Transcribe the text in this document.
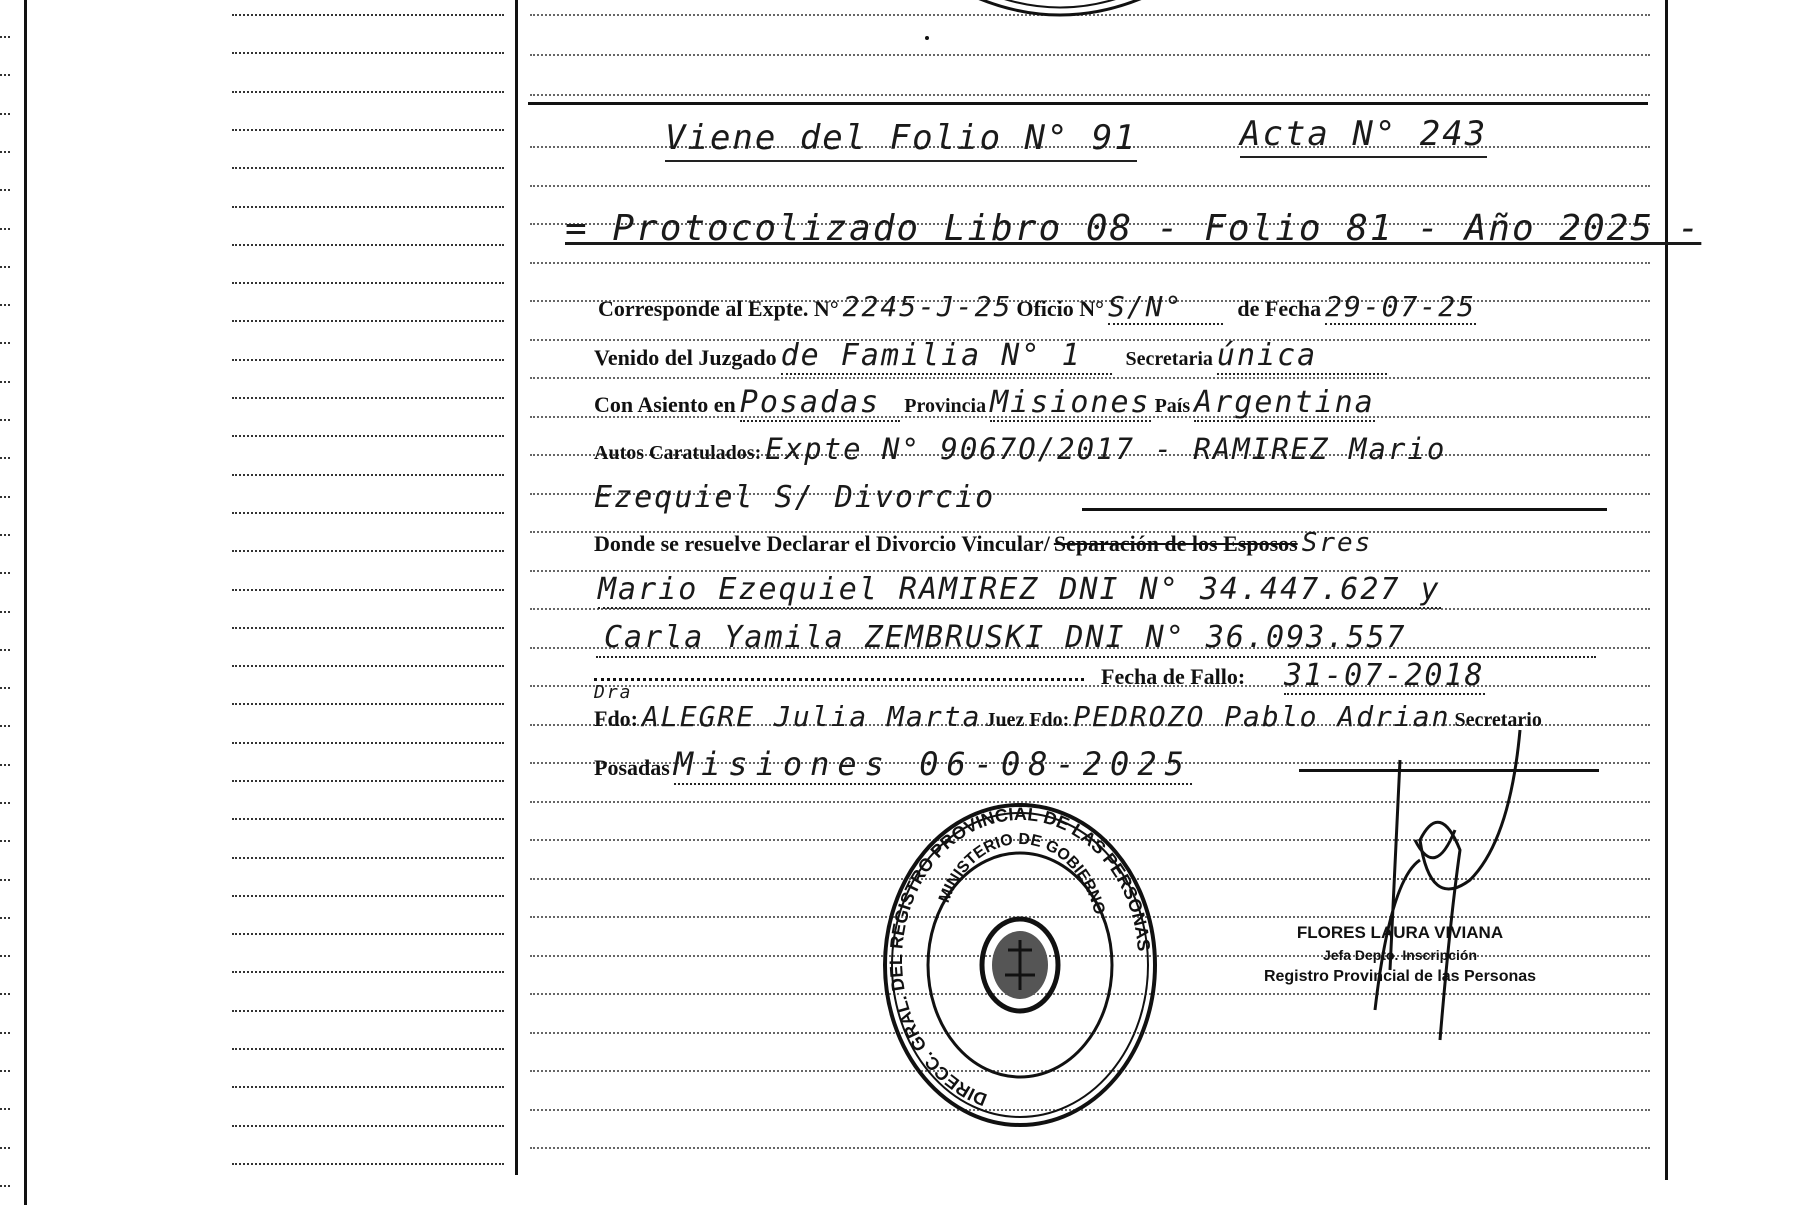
Viene del Folio N° 91	Acta N° 243
= Protocolizado Libro 08 - Folio 81 - Año 2025 -
Corresponde al Expte. N° 2245-J-25 Oficio N° S/N° de Fecha 29-07-25
Venido del Juzgado de Familia N° 1 Secretaria única
Con Asiento en Posadas Provincia Misiones País Argentina
Autos Caratulados: Expte N° 9067O/2017 - RAMIREZ Mario
Ezequiel S/ Divorcio
Donde se resuelve Declarar el Divorcio Vincular/ Separación de los Esposos Sres
Mario Ezequiel RAMIREZ DNI N° 34.447.627 y
Carla Yamila ZEMBRUSKI DNI N° 36.093.557
Dra
Fecha de Fallo: 31-07-2018
Fdo: ALEGRE Julia Marta Juez Fdo: PEDROZO Pablo Adrian Secretario
Posadas Misiones 06-08-2025
DIRECC. GRAL. DEL REGISTRO PROVINCIAL DE LAS PERSONAS
MINISTERIO DE GOBIERNO
FLORES LAURA VIVIANA
Jefa Depto. Inscripción
Registro Provincial de las Personas
